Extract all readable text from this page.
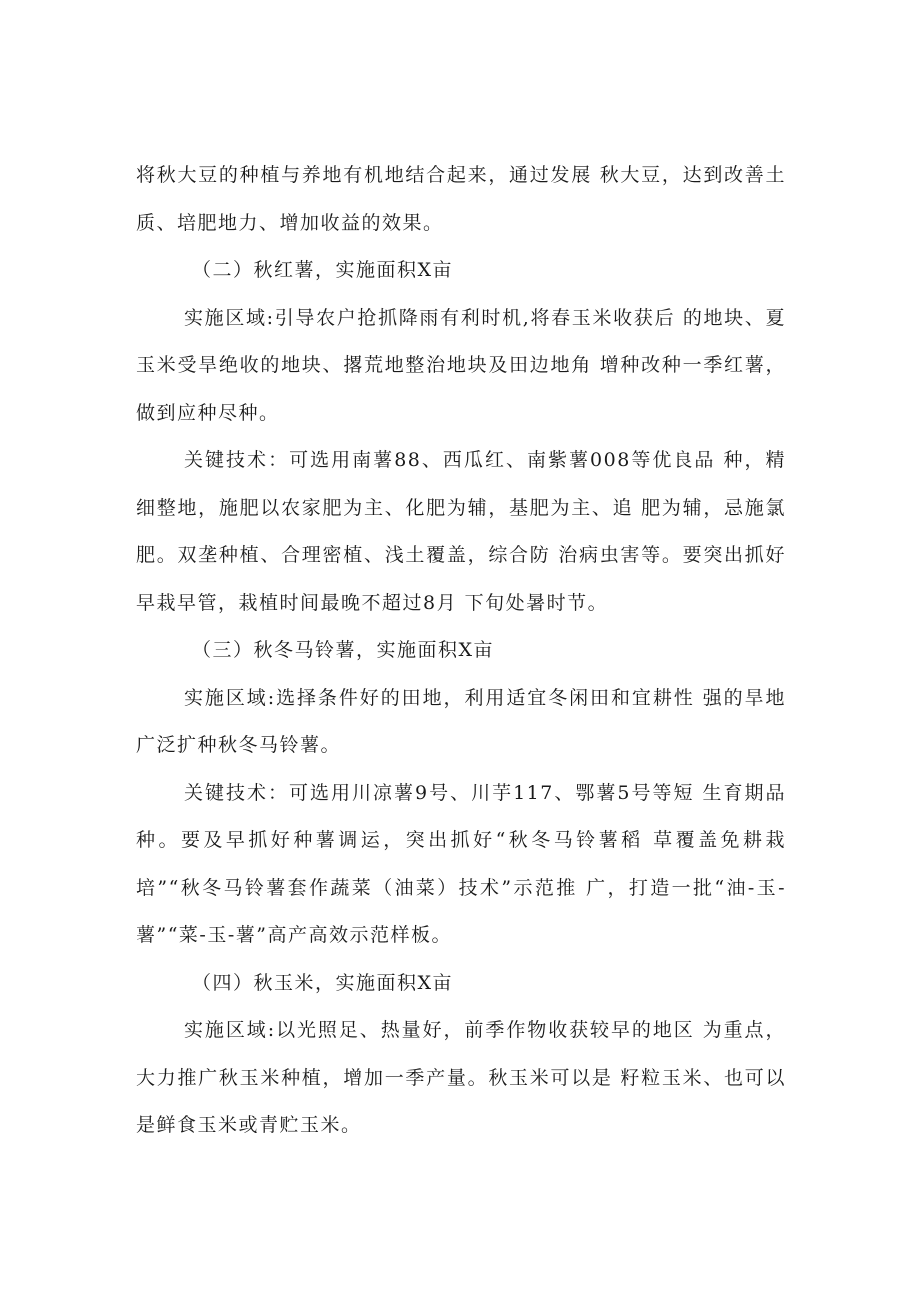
将秋大豆的种植与养地有机地结合起来，通过发展 秋大豆，达到改善土质、培肥地力、增加收益的效果。

（二）秋红薯，实施面积X亩

实施区域:引导农户抢抓降雨有利时机,将春玉米收获后 的地块、夏玉米受旱绝收的地块、撂荒地整治地块及田边地角 增种改种一季红薯，做到应种尽种。

关键技术：可选用南薯88、西瓜红、南紫薯008等优良品 种，精细整地，施肥以农家肥为主、化肥为辅，基肥为主、追 肥为辅，忌施氯肥。双垄种植、合理密植、浅土覆盖，综合防 治病虫害等。要突出抓好早栽早管，栽植时间最晚不超过8月 下旬处暑时节。

（三）秋冬马铃薯，实施面积X亩

实施区域:选择条件好的田地，利用适宜冬闲田和宜耕性 强的旱地广泛扩种秋冬马铃薯。

关键技术：可选用川凉薯9号、川芋117、鄂薯5号等短 生育期品种。要及早抓好种薯调运，突出抓好“秋冬马铃薯稻 草覆盖免耕栽培”“秋冬马铃薯套作蔬菜（油菜）技术”示范推 广，打造一批“油-玉-薯”“菜-玉-薯”高产高效示范样板。

（四）秋玉米，实施面积X亩

实施区域:以光照足、热量好，前季作物收获较早的地区 为重点，大力推广秋玉米种植，增加一季产量。秋玉米可以是 籽粒玉米、也可以是鲜食玉米或青贮玉米。
